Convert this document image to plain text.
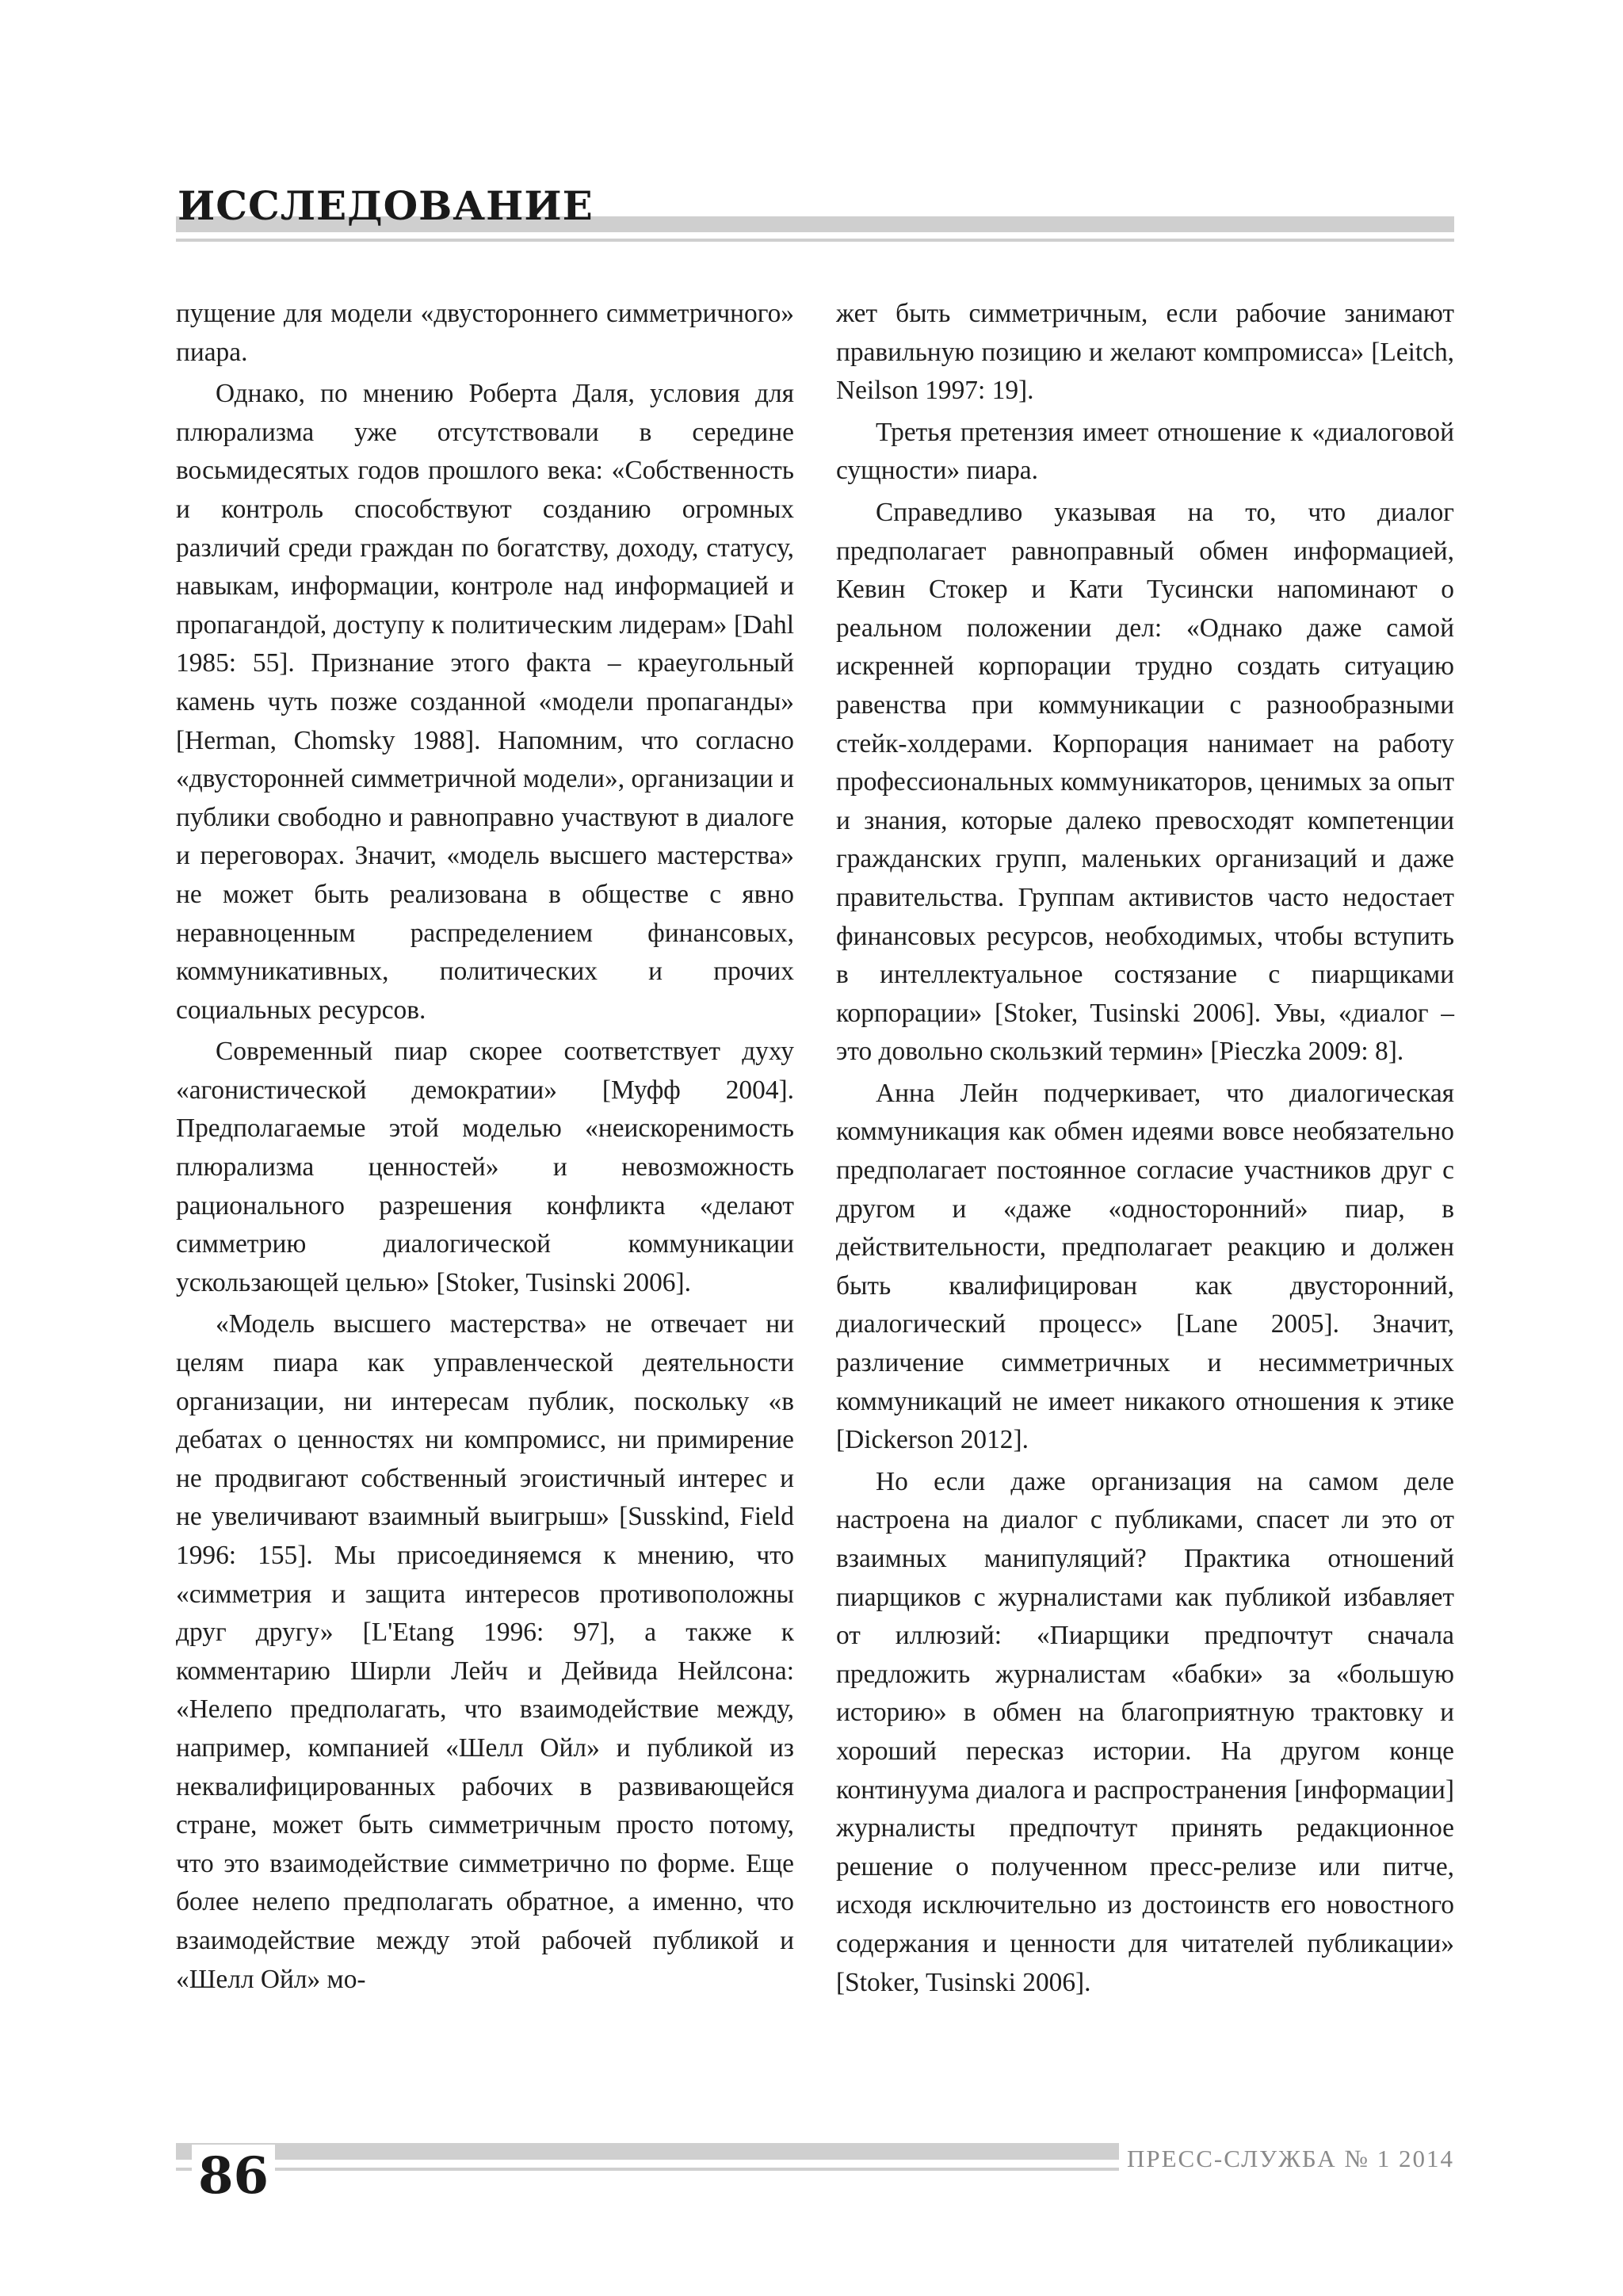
ИССЛЕДОВАНИЕ

пущение для модели «двустороннего симметричного» пиара.

Однако, по мнению Роберта Даля, условия для плюрализма уже отсутствовали в середине восьмидесятых годов прошлого века: «Собственность и контроль способствуют созданию огромных различий среди граждан по богатству, доходу, статусу, навыкам, информации, контроле над информацией и пропагандой, доступу к политическим лидерам» [Dahl 1985: 55]. Признание этого факта – краеугольный камень чуть позже созданной «модели пропаганды» [Herman, Chomsky 1988]. Напомним, что согласно «двусторонней симметричной модели», организации и публики свободно и равноправно участвуют в диалоге и переговорах. Значит, «модель высшего мастерства» не может быть реализована в обществе с явно неравноценным распределением финансовых, коммуникативных, политических и прочих социальных ресурсов.

Современный пиар скорее соответствует духу «агонистической демократии» [Муфф 2004]. Предполагаемые этой моделью «неискоренимость плюрализма ценностей» и невозможность рационального разрешения конфликта «делают симметрию диалогической коммуникации ускользающей целью» [Stoker, Tusinski 2006].

«Модель высшего мастерства» не отвечает ни целям пиара как управленческой деятельности организации, ни интересам публик, поскольку «в дебатах о ценностях ни компромисс, ни примирение не продвигают собственный эгоистичный интерес и не увеличивают взаимный выигрыш» [Susskind, Field 1996: 155]. Мы присоединяемся к мнению, что «симметрия и защита интересов противоположны друг другу» [L'Etang 1996: 97], а также к комментарию Ширли Лейч и Дейвида Нейлсона: «Нелепо предполагать, что взаимодействие между, например, компанией «Шелл Ойл» и публикой из неквалифицированных рабочих в развивающейся стране, может быть симметричным просто потому, что это взаимодействие симметрично по форме. Еще более нелепо предполагать обратное, а именно, что взаимодействие между этой рабочей публикой и «Шелл Ойл» мо-

жет быть симметричным, если рабочие занимают правильную позицию и желают компромисса» [Leitch, Neilson 1997: 19].

Третья претензия имеет отношение к «диалоговой сущности» пиара.

Справедливо указывая на то, что диалог предполагает равноправный обмен информацией, Кевин Стокер и Кати Тусински напоминают о реальном положении дел: «Однако даже самой искренней корпорации трудно создать ситуацию равенства при коммуникации с разнообразными стейк-холдерами. Корпорация нанимает на работу профессиональных коммуникаторов, ценимых за опыт и знания, которые далеко превосходят компетенции гражданских групп, маленьких организаций и даже правительства. Группам активистов часто недостает финансовых ресурсов, необходимых, чтобы вступить в интеллектуальное состязание с пиарщиками корпорации» [Stoker, Tusinski 2006]. Увы, «диалог – это довольно скользкий термин» [Pieczka 2009: 8].

Анна Лейн подчеркивает, что диалогическая коммуникация как обмен идеями вовсе необязательно предполагает постоянное согласие участников друг с другом и «даже «односторонний» пиар, в действительности, предполагает реакцию и должен быть квалифицирован как двусторонний, диалогический процесс» [Lane 2005]. Значит, различение симметричных и несимметричных коммуникаций не имеет никакого отношения к этике [Dickerson 2012].

Но если даже организация на самом деле настроена на диалог с публиками, спасет ли это от взаимных манипуляций? Практика отношений пиарщиков с журналистами как публикой избавляет от иллюзий: «Пиарщики предпочтут сначала предложить журналистам «бабки» за «большую историю» в обмен на благоприятную трактовку и хороший пересказ истории. На другом конце континуума диалога и распространения [информации] журналисты предпочтут принять редакционное решение о полученном пресс-релизе или питче, исходя исключительно из достоинств его новостного содержания и ценности для читателей публикации» [Stoker, Tusinski 2006].

86	ПРЕСС-СЛУЖБА № 1 2014
